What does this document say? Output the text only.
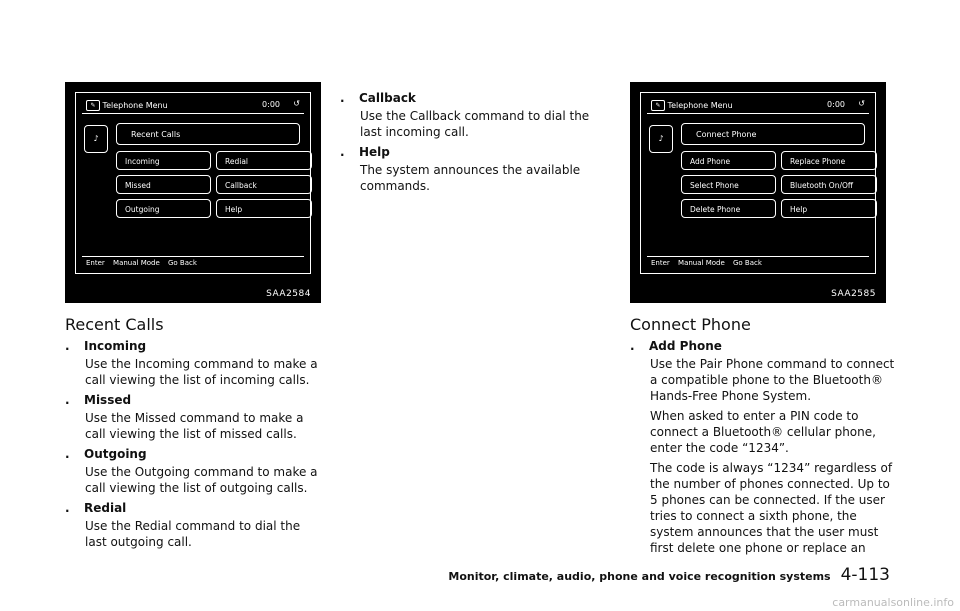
✎ Telephone Menu	0:00 ↺
♪	Recent Calls
Incoming	Redial
Missed	Callback
Outgoing	Help
Enter Manual Mode Go Back
SAA2584
✎ Telephone Menu	0:00 ↺
♪	Connect Phone
Add Phone	Replace Phone
Select Phone	Bluetooth On/Off
Delete Phone	Help
Enter Manual Mode Go Back
SAA2585
Recent Calls
.	Incoming
Use the Incoming command to make a call viewing the list of incoming calls.
.	Missed
Use the Missed command to make a call viewing the list of missed calls.
.	Outgoing
Use the Outgoing command to make a call viewing the list of outgoing calls.
.	Redial
Use the Redial command to dial the last outgoing call.
.	Callback
Use the Callback command to dial the last incoming call.
.	Help
The system announces the available commands.
Connect Phone
.	Add Phone

Use the Pair Phone command to connect a compatible phone to the Bluetooth® Hands-Free Phone System.

When asked to enter a PIN code to connect a Bluetooth® cellular phone, enter the code “1234”.

The code is always “1234” regardless of the number of phones connected. Up to 5 phones can be connected. If the user tries to connect a sixth phone, the system announces that the user must first delete one phone or replace an

Monitor, climate, audio, phone and voice recognition systems 4-113
carmanualsonline.info
